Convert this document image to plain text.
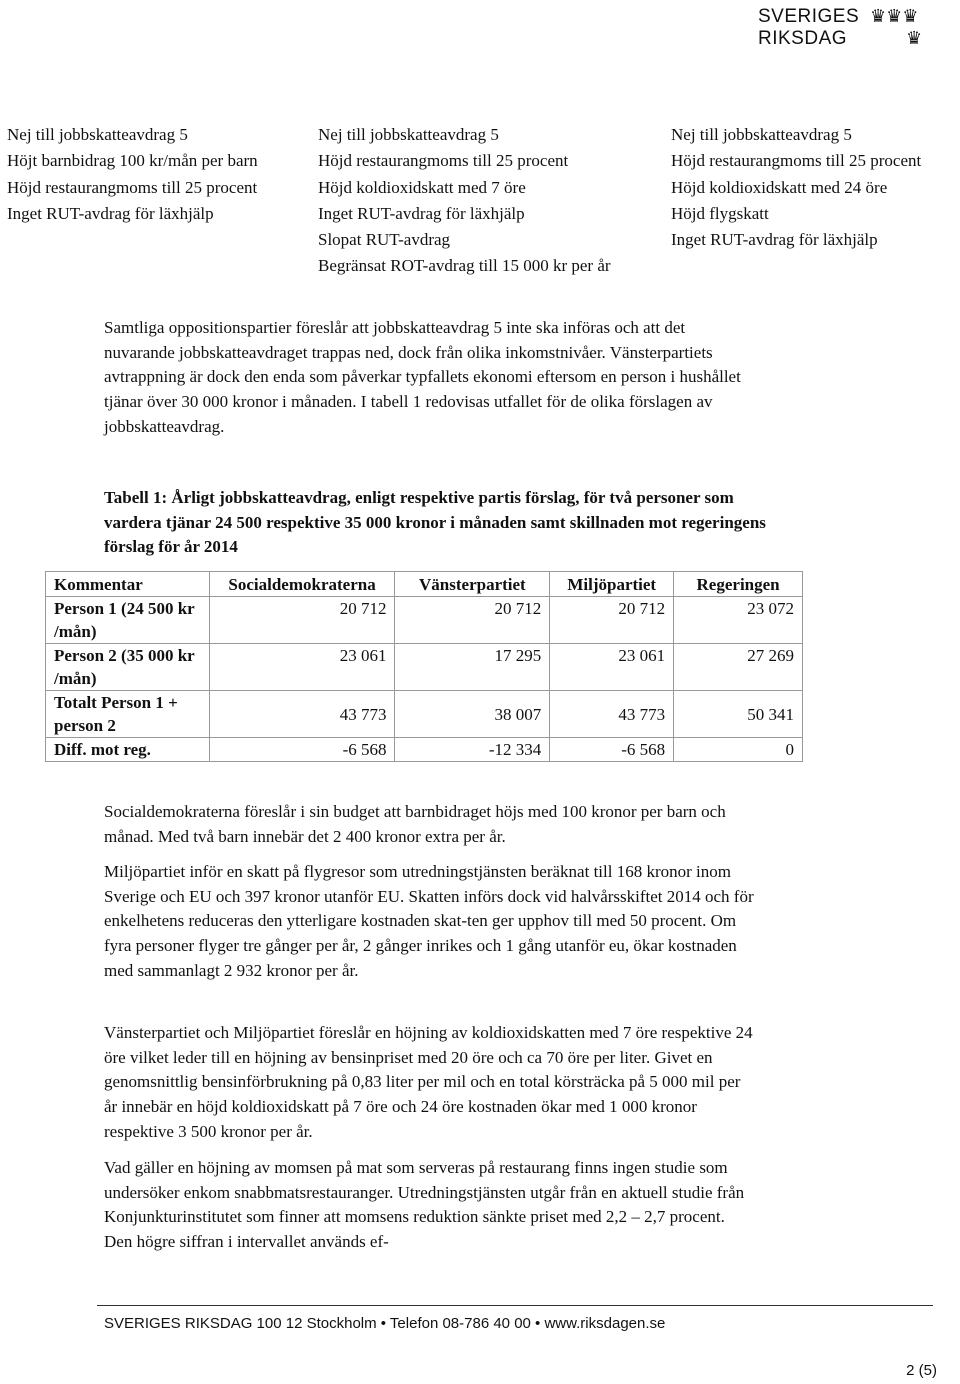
SVERIGES
RIKSDAG
♛♛♛
♛
Nej till jobbskatteavdrag 5
Höjt barnbidrag 100 kr/mån per barn
Höjd restaurangmoms till 25 procent
Inget RUT-avdrag för läxhjälp
Nej till jobbskatteavdrag 5
Höjd restaurangmoms till 25 procent
Höjd koldioxidskatt med 7 öre
Inget RUT-avdrag för läxhjälp
Slopat RUT-avdrag
Begränsat ROT-avdrag till 15 000 kr per år
Nej till jobbskatteavdrag 5
Höjd restaurangmoms till 25 procent
Höjd koldioxidskatt med 24 öre
Höjd flygskatt
Inget RUT-avdrag för läxhjälp

Samtliga oppositionspartier föreslår att jobbskatteavdrag 5 inte ska införas och att det nuvarande jobbskatteavdraget trappas ned, dock från olika inkomstnivåer. Vänsterpartiets avtrappning är dock den enda som påverkar typfallets ekonomi eftersom en person i hushållet tjänar över 30 000 kronor i månaden. I tabell 1 redovisas utfallet för de olika förslagen av jobbskatteavdrag.

Tabell 1: Årligt jobbskatteavdrag, enligt respektive partis förslag, för två personer som vardera tjänar 24 500 respektive 35 000 kronor i månaden samt skillnaden mot regeringens förslag för år 2014
Kommentar	Socialdemokraterna	Vänsterpartiet	Miljöpartiet	Regeringen
Person 1 (24 500 kr /mån)	20 712	20 712	20 712	23 072
Person 2 (35 000 kr /mån)	23 061	17 295	23 061	27 269
Totalt Person 1 + person 2	43 773	38 007	43 773	50 341
Diff. mot reg.	-6 568	-12 334	-6 568	0

Socialdemokraterna föreslår i sin budget att barnbidraget höjs med 100 kronor per barn och månad. Med två barn innebär det 2 400 kronor extra per år.

Miljöpartiet inför en skatt på flygresor som utredningstjänsten beräknat till 168 kronor inom Sverige och EU och 397 kronor utanför EU. Skatten införs dock vid halvårsskiftet 2014 och för enkelhetens reduceras den ytterligare kostnaden skat-ten ger upphov till med 50 procent. Om fyra personer flyger tre gånger per år, 2 gånger inrikes och 1 gång utanför eu, ökar kostnaden med sammanlagt 2 932 kronor per år.

Vänsterpartiet och Miljöpartiet föreslår en höjning av koldioxidskatten med 7 öre respektive 24 öre vilket leder till en höjning av bensinpriset med 20 öre och ca 70 öre per liter. Givet en genomsnittlig bensinförbrukning på 0,83 liter per mil och en total körsträcka på 5 000 mil per år innebär en höjd koldioxidskatt på 7 öre och 24 öre kostnaden ökar med 1 000 kronor respektive 3 500 kronor per år.

Vad gäller en höjning av momsen på mat som serveras på restaurang finns ingen studie som undersöker enkom snabbmatsrestauranger. Utredningstjänsten utgår från en aktuell studie från Konjunkturinstitutet som finner att momsens reduktion sänkte priset med 2,2 – 2,7 procent. Den högre siffran i intervallet används ef-

SVERIGES RIKSDAG 100 12 Stockholm • Telefon 08-786 40 00 • www.riksdagen.se
2 (5)
